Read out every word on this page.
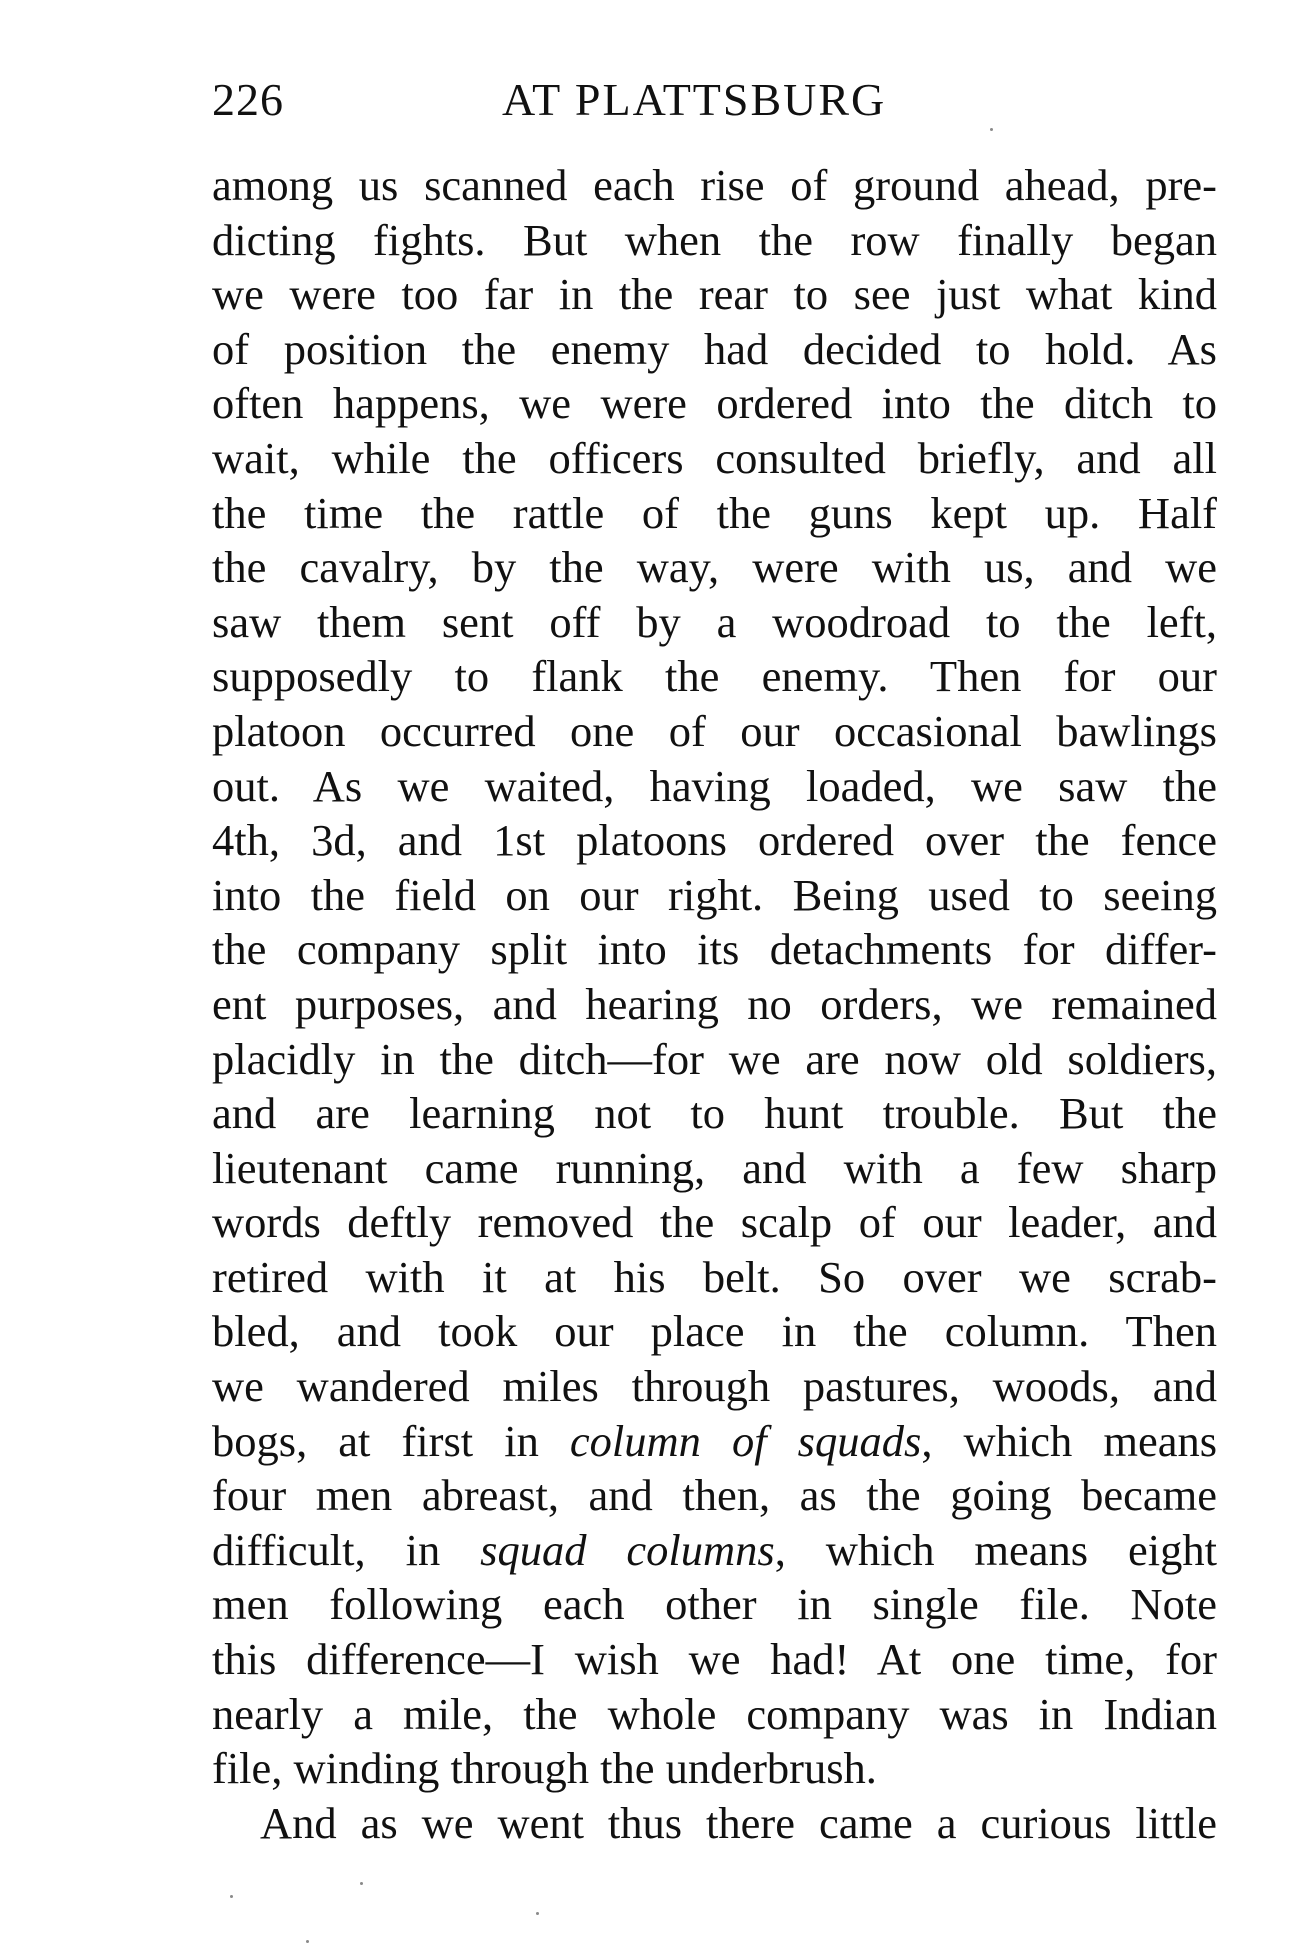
226	AT PLATTSBURG
among us scanned each rise of ground ahead, pre-
dicting fights. But when the row finally began
we were too far in the rear to see just what kind
of position the enemy had decided to hold. As
often happens, we were ordered into the ditch to
wait, while the officers consulted briefly, and all
the time the rattle of the guns kept up. Half
the cavalry, by the way, were with us, and we
saw them sent off by a woodroad to the left,
supposedly to flank the enemy. Then for our
platoon occurred one of our occasional bawlings
out. As we waited, having loaded, we saw the
4th, 3d, and 1st platoons ordered over the fence
into the field on our right. Being used to seeing
the company split into its detachments for differ-
ent purposes, and hearing no orders, we remained
placidly in the ditch—for we are now old soldiers,
and are learning not to hunt trouble. But the
lieutenant came running, and with a few sharp
words deftly removed the scalp of our leader, and
retired with it at his belt. So over we scrab-
bled, and took our place in the column. Then
we wandered miles through pastures, woods, and
bogs, at first in column of squads, which means
four men abreast, and then, as the going became
difficult, in squad columns, which means eight
men following each other in single file. Note
this difference—I wish we had! At one time, for
nearly a mile, the whole company was in Indian
file, winding through the underbrush.
And as we went thus there came a curious little
